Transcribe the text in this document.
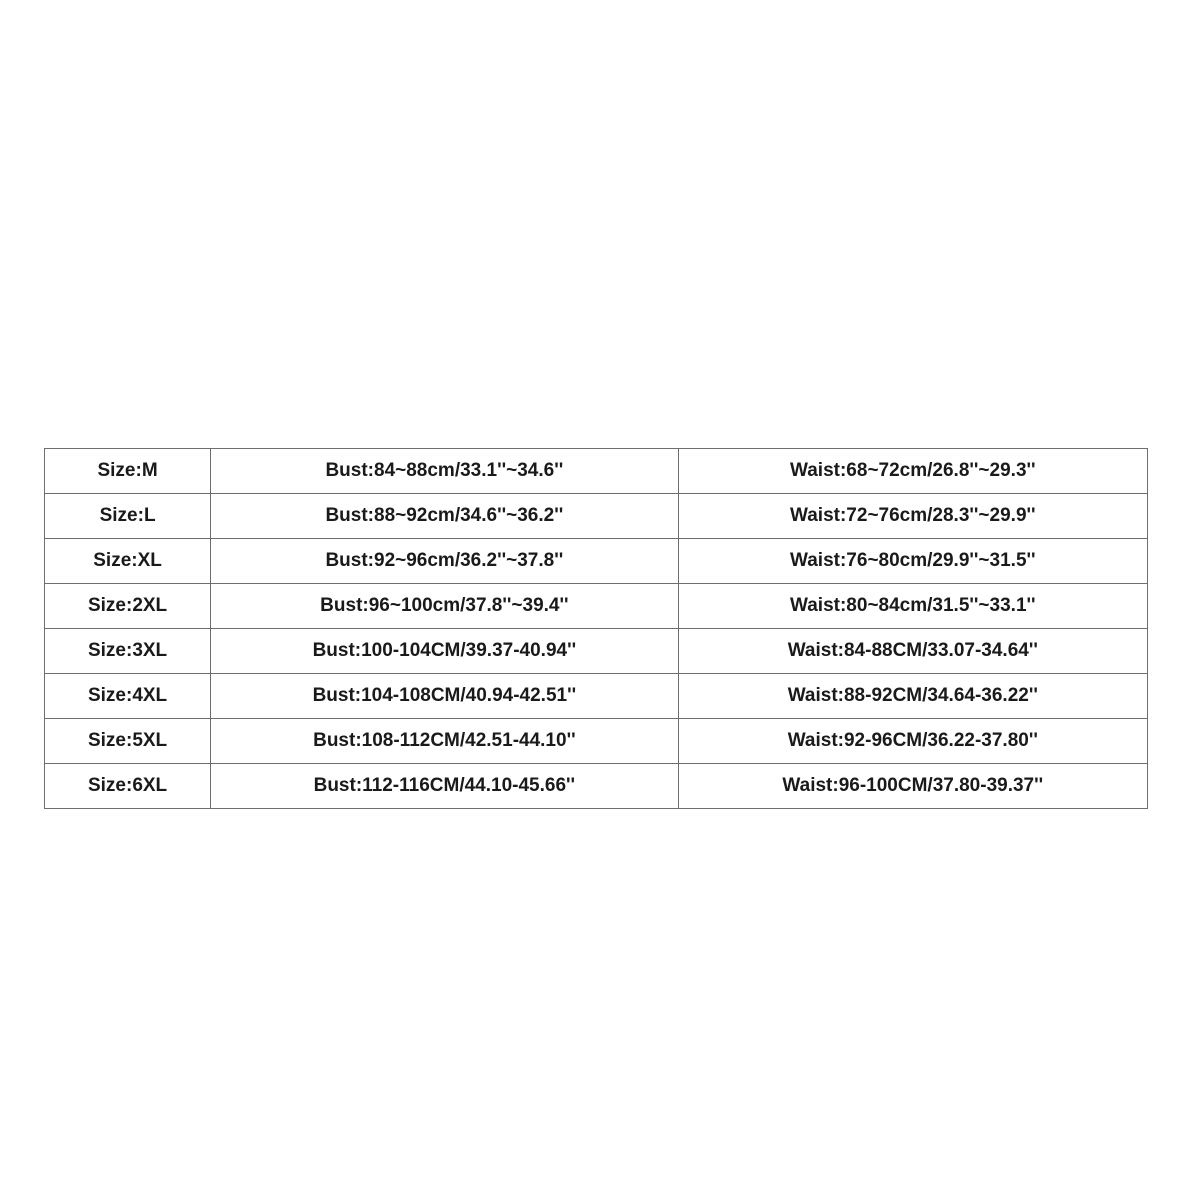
Size:M	Bust:84~88cm/33.1''~34.6''	Waist:68~72cm/26.8''~29.3''
Size:L	Bust:88~92cm/34.6''~36.2''	Waist:72~76cm/28.3''~29.9''
Size:XL	Bust:92~96cm/36.2''~37.8''	Waist:76~80cm/29.9''~31.5''
Size:2XL	Bust:96~100cm/37.8''~39.4''	Waist:80~84cm/31.5''~33.1''
Size:3XL	Bust:100-104CM/39.37-40.94''	Waist:84-88CM/33.07-34.64''
Size:4XL	Bust:104-108CM/40.94-42.51''	Waist:88-92CM/34.64-36.22''
Size:5XL	Bust:108-112CM/42.51-44.10''	Waist:92-96CM/36.22-37.80''
Size:6XL	Bust:112-116CM/44.10-45.66''	Waist:96-100CM/37.80-39.37''
